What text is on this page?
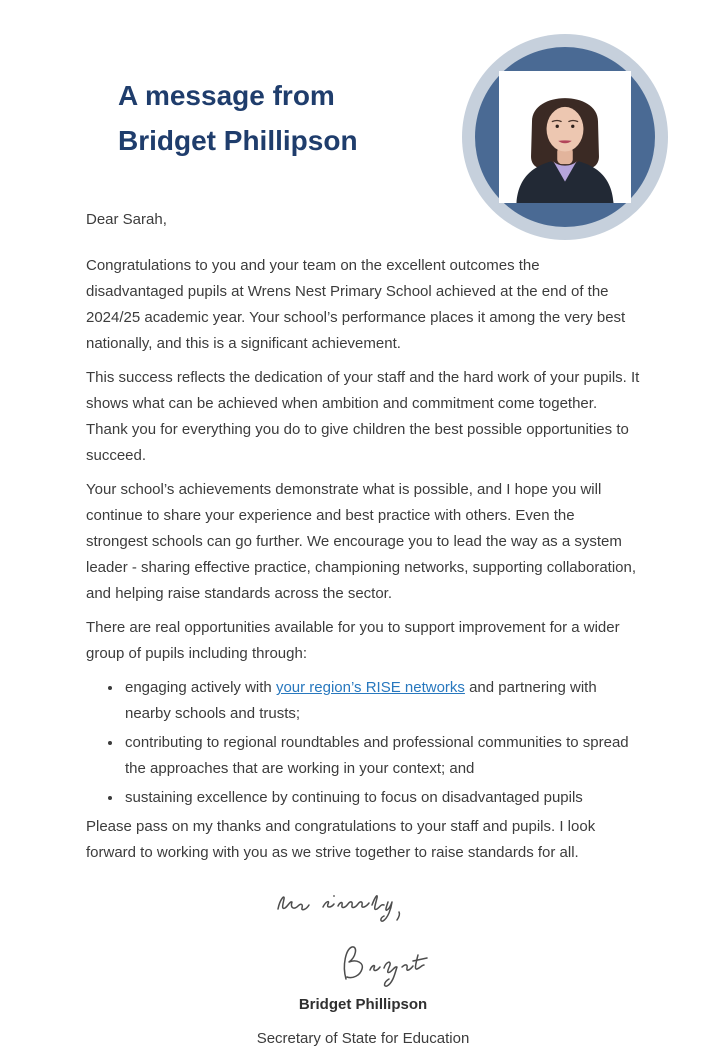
A message from
Bridget Phillipson

Dear Sarah,

Congratulations to you and your team on the excellent outcomes the disadvantaged pupils at Wrens Nest Primary School achieved at the end of the 2024/25 academic year. Your school’s performance places it among the very best nationally, and this is a significant achievement.

This success reflects the dedication of your staff and the hard work of your pupils. It shows what can be achieved when ambition and commitment come together. Thank you for everything you do to give children the best possible opportunities to succeed.

Your school’s achievements demonstrate what is possible, and I hope you will continue to share your experience and best practice with others. Even the strongest schools can go further. We encourage you to lead the way as a system leader - sharing effective practice, championing networks, supporting collaboration, and helping raise standards across the sector.

There are real opportunities available for you to support improvement for a wider group of pupils including through:

• engaging actively with your region’s RISE networks and partnering with nearby schools and trusts;
• contributing to regional roundtables and professional communities to spread the approaches that are working in your context; and
• sustaining excellence by continuing to focus on disadvantaged pupils

Please pass on my thanks and congratulations to your staff and pupils. I look forward to working with you as we strive together to raise standards for all.

Bridget Phillipson

Secretary of State for Education
